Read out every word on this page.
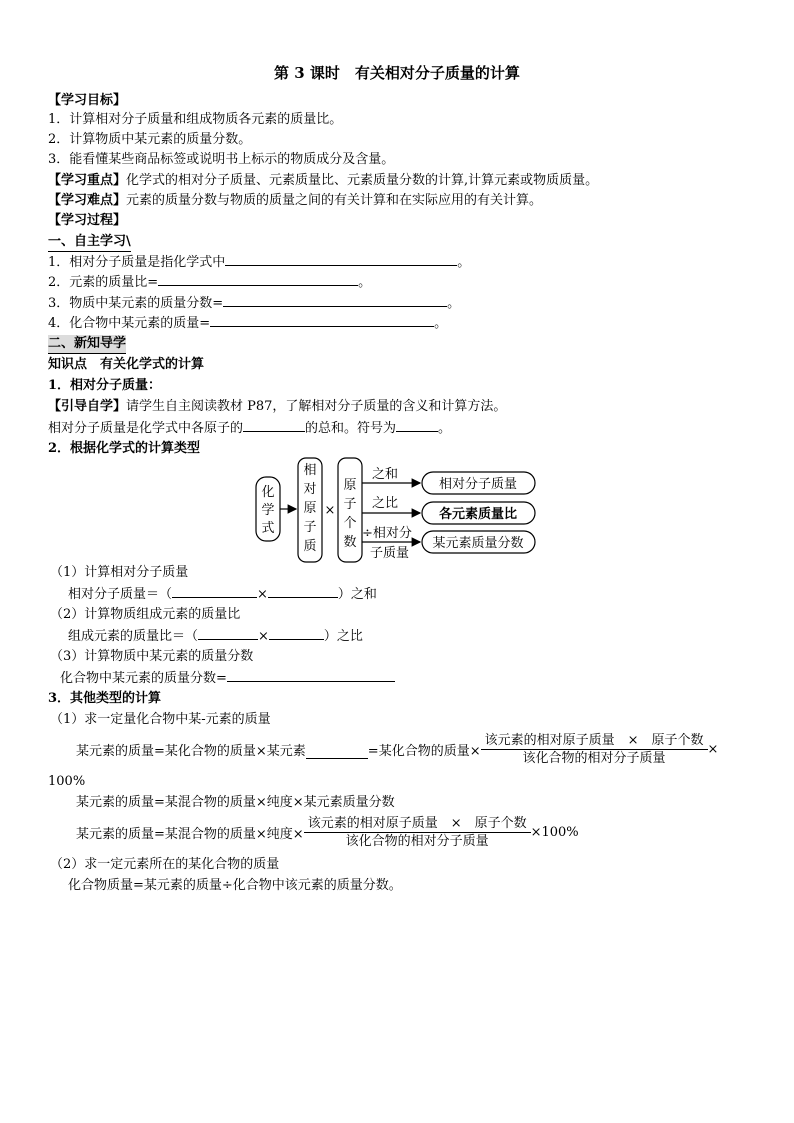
第 3 课时　有关相对分子质量的计算
【学习目标】
1．计算相对分子质量和组成物质各元素的质量比。
2．计算物质中某元素的质量分数。
3．能看懂某些商品标签或说明书上标示的物质成分及含量。
【学习重点】化学式的相对分子质量、元素质量比、元素质量分数的计算,计算元素或物质质量。
【学习难点】元素的质量分数与物质的质量之间的有关计算和在实际应用的有关计算。
【学习过程】
一、自主学习\
1．相对分子质量是指化学式中	。
2．元素的质量比=	。
3．物质中某元素的质量分数=	。
4．化合物中某元素的质量=	。
二、新知导学
知识点　有关化学式的计算
1．相对分子质量：
【引导自学】请学生自主阅读教材 P87，了解相对分子质量的含义和计算方法。
相对分子质量是化学式中各原子的	的总和。符号为	。
2．根据化学式的计算类型
化
学
式
相
对
原
子
质
×
原
子
个
数
之和
之比
÷相对分
子质量
相对分子质量
各元素质量比
某元素质量分数
（1）计算相对分子质量
相对分子质量＝（	×	）之和
（2）计算物质组成元素的质量比
组成元素的质量比＝（	×	）之比
（3）计算物质中某元素的质量分数
化合物中某元素的质量分数=
3．其他类型的计算
（1）求一定量化合物中某-元素的质量
某元素的质量=某化合物的质量×某元素	=某化合物的质量× $\frac{\text{该元素的相对原子质量　×　原子个数}}{\text{该化合物的相对分子质量}}$ ×
100%
某元素的质量=某混合物的质量×纯度×某元素质量分数
某元素的质量=某混合物的质量×纯度× $\frac{\text{该元素的相对原子质量　×　原子个数}}{\text{该化合物的相对分子质量}} \times 100\%$
（2）求一定元素所在的某化合物的质量
化合物质量=某元素的质量÷化合物中该元素的质量分数。
